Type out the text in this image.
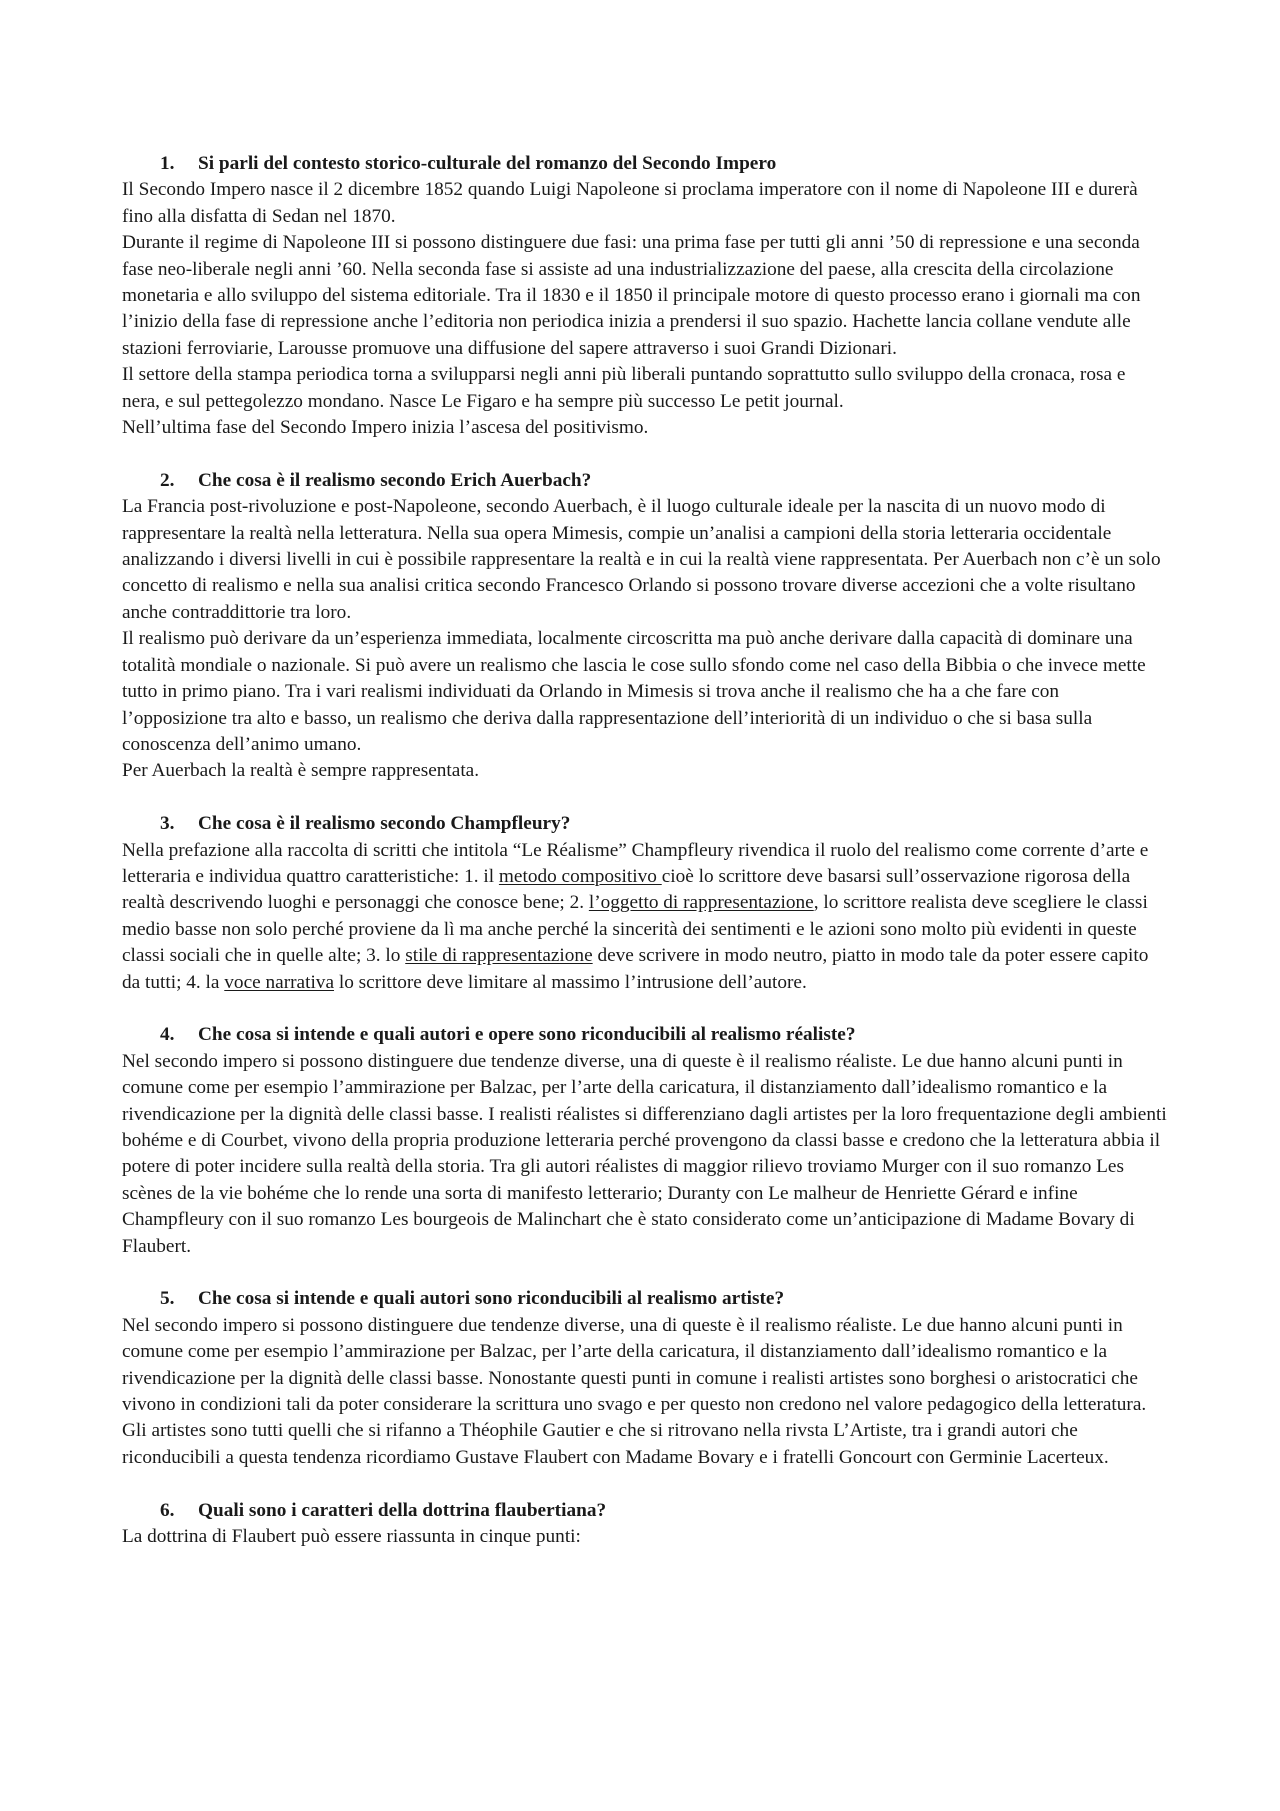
1. Si parli del contesto storico-culturale del romanzo del Secondo Impero

Il Secondo Impero nasce il 2 dicembre 1852 quando Luigi Napoleone si proclama imperatore con il nome di Napoleone III e durerà fino alla disfatta di Sedan nel 1870.

Durante il regime di Napoleone III si possono distinguere due fasi: una prima fase per tutti gli anni ’50 di repressione e una seconda fase neo-liberale negli anni ’60. Nella seconda fase si assiste ad una industrializzazione del paese, alla crescita della circolazione monetaria e allo sviluppo del sistema editoriale. Tra il 1830 e il 1850 il principale motore di questo processo erano i giornali ma con l’inizio della fase di repressione anche l’editoria non periodica inizia a prendersi il suo spazio. Hachette lancia collane vendute alle stazioni ferroviarie, Larousse promuove una diffusione del sapere attraverso i suoi Grandi Dizionari.

Il settore della stampa periodica torna a svilupparsi negli anni più liberali puntando soprattutto sullo sviluppo della cronaca, rosa e nera, e sul pettegolezzo mondano. Nasce Le Figaro e ha sempre più successo Le petit journal.

Nell’ultima fase del Secondo Impero inizia l’ascesa del positivismo.

2. Che cosa è il realismo secondo Erich Auerbach?

La Francia post-rivoluzione e post-Napoleone, secondo Auerbach, è il luogo culturale ideale per la nascita di un nuovo modo di rappresentare la realtà nella letteratura. Nella sua opera Mimesis, compie un’analisi a campioni della storia letteraria occidentale analizzando i diversi livelli in cui è possibile rappresentare la realtà e in cui la realtà viene rappresentata. Per Auerbach non c’è un solo concetto di realismo e nella sua analisi critica secondo Francesco Orlando si possono trovare diverse accezioni che a volte risultano anche contraddittorie tra loro.

Il realismo può derivare da un’esperienza immediata, localmente circoscritta ma può anche derivare dalla capacità di dominare una totalità mondiale o nazionale. Si può avere un realismo che lascia le cose sullo sfondo come nel caso della Bibbia o che invece mette tutto in primo piano. Tra i vari realismi individuati da Orlando in Mimesis si trova anche il realismo che ha a che fare con l’opposizione tra alto e basso, un realismo che deriva dalla rappresentazione dell’interiorità di un individuo o che si basa sulla conoscenza dell’animo umano.

Per Auerbach la realtà è sempre rappresentata.

3. Che cosa è il realismo secondo Champfleury?

Nella prefazione alla raccolta di scritti che intitola “Le Réalisme” Champfleury rivendica il ruolo del realismo come corrente d’arte e letteraria e individua quattro caratteristiche: 1. il metodo compositivo cioè lo scrittore deve basarsi sull’osservazione rigorosa della realtà descrivendo luoghi e personaggi che conosce bene; 2. l’oggetto di rappresentazione, lo scrittore realista deve scegliere le classi medio basse non solo perché proviene da lì ma anche perché la sincerità dei sentimenti e le azioni sono molto più evidenti in queste classi sociali che in quelle alte; 3. lo stile di rappresentazione deve scrivere in modo neutro, piatto in modo tale da poter essere capito da tutti; 4. la voce narrativa lo scrittore deve limitare al massimo l’intrusione dell’autore.

4. Che cosa si intende e quali autori e opere sono riconducibili al realismo réaliste?

Nel secondo impero si possono distinguere due tendenze diverse, una di queste è il realismo réaliste. Le due hanno alcuni punti in comune come per esempio l’ammirazione per Balzac, per l’arte della caricatura, il distanziamento dall’idealismo romantico e la rivendicazione per la dignità delle classi basse. I realisti réalistes si differenziano dagli artistes per la loro frequentazione degli ambienti bohéme e di Courbet, vivono della propria produzione letteraria perché provengono da classi basse e credono che la letteratura abbia il potere di poter incidere sulla realtà della storia. Tra gli autori réalistes di maggior rilievo troviamo Murger con il suo romanzo Les scènes de la vie bohéme che lo rende una sorta di manifesto letterario; Duranty con Le malheur de Henriette Gérard e infine Champfleury con il suo romanzo Les bourgeois de Malinchart che è stato considerato come un’anticipazione di Madame Bovary di Flaubert.

5. Che cosa si intende e quali autori sono riconducibili al realismo artiste?

Nel secondo impero si possono distinguere due tendenze diverse, una di queste è il realismo réaliste. Le due hanno alcuni punti in comune come per esempio l’ammirazione per Balzac, per l’arte della caricatura, il distanziamento dall’idealismo romantico e la rivendicazione per la dignità delle classi basse. Nonostante questi punti in comune i realisti artistes sono borghesi o aristocratici che vivono in condizioni tali da poter considerare la scrittura uno svago e per questo non credono nel valore pedagogico della letteratura.

Gli artistes sono tutti quelli che si rifanno a Théophile Gautier e che si ritrovano nella rivsta L’Artiste, tra i grandi autori che riconducibili a questa tendenza ricordiamo Gustave Flaubert con Madame Bovary e i fratelli Goncourt con Germinie Lacerteux.

6. Quali sono i caratteri della dottrina flaubertiana?

La dottrina di Flaubert può essere riassunta in cinque punti:
